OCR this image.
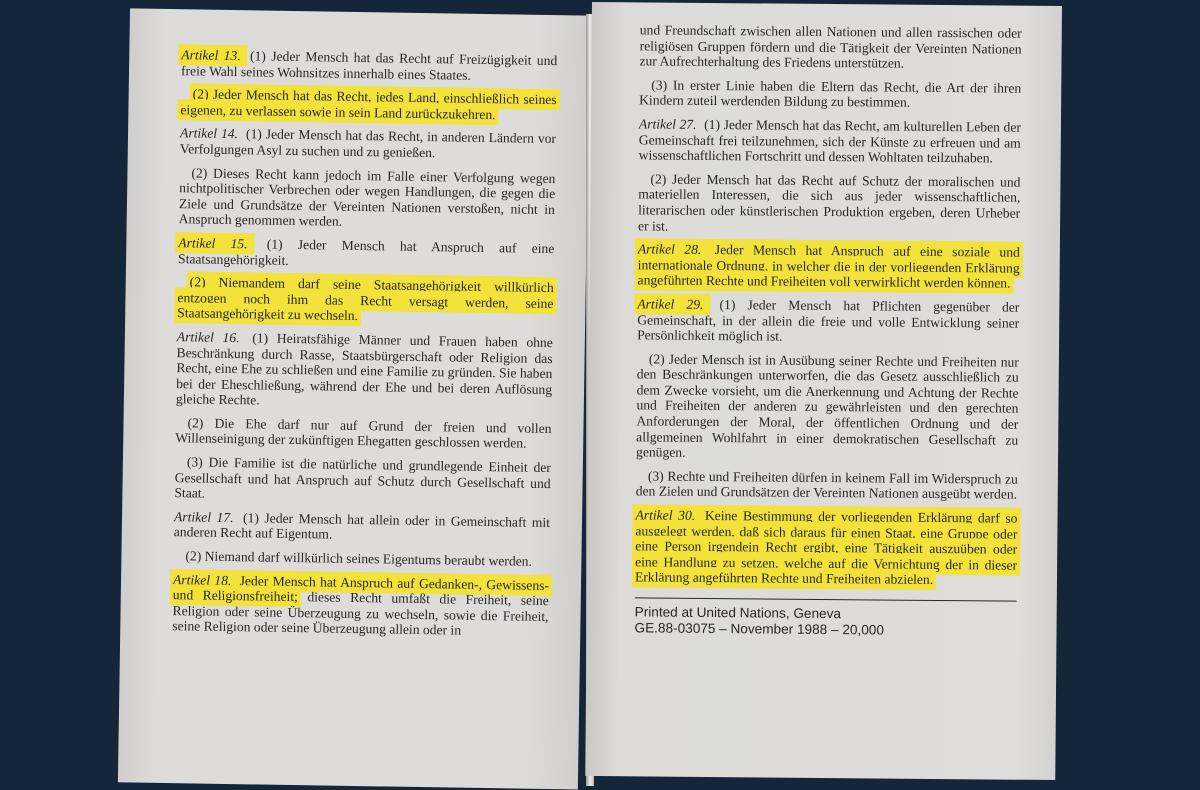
Artikel 13. (1) Jeder Mensch hat das Recht auf Freizügigkeit und freie Wahl seines Wohnsitzes innerhalb eines Staates.

(2) Jeder Mensch hat das Recht, jedes Land, einschließlich seines eigenen, zu verlassen sowie in sein Land zurückzukehren.

Artikel 14. (1) Jeder Mensch hat das Recht, in anderen Ländern vor Verfolgungen Asyl zu suchen und zu genießen.

(2) Dieses Recht kann jedoch im Falle einer Verfolgung wegen nichtpolitischer Verbrechen oder wegen Handlungen, die gegen die Ziele und Grundsätze der Vereinten Nationen verstoßen, nicht in Anspruch genommen werden.

Artikel 15. (1) Jeder Mensch hat Anspruch auf eine Staatsangehörigkeit.

(2) Niemandem darf seine Staatsangehörigkeit willkürlich entzogen noch ihm das Recht versagt werden, seine Staatsangehörigkeit zu wechseln.

Artikel 16. (1) Heiratsfähige Männer und Frauen haben ohne Beschränkung durch Rasse, Staatsbürgerschaft oder Religion das Recht, eine Ehe zu schließen und eine Familie zu gründen. Sie haben bei der Eheschließung, während der Ehe und bei deren Auflösung gleiche Rechte.

(2) Die Ehe darf nur auf Grund der freien und vollen Willenseinigung der zukünftigen Ehegatten geschlossen werden.

(3) Die Familie ist die natürliche und grundlegende Einheit der Gesellschaft und hat Anspruch auf Schutz durch Gesellschaft und Staat.

Artikel 17. (1) Jeder Mensch hat allein oder in Gemeinschaft mit anderen Recht auf Eigentum.

(2) Niemand darf willkürlich seines Eigentums beraubt werden.

Artikel 18. Jeder Mensch hat Anspruch auf Gedanken-, Gewissens- und Religionsfreiheit; dieses Recht umfaßt die Freiheit, seine Religion oder seine Überzeugung zu wechseln, sowie die Freiheit, seine Religion oder seine Überzeugung allein oder in

und Freundschaft zwischen allen Nationen und allen rassischen oder religiösen Gruppen fördern und die Tätigkeit der Vereinten Nationen zur Aufrechterhaltung des Friedens unterstützen.

(3) In erster Linie haben die Eltern das Recht, die Art der ihren Kindern zuteil werdenden Bildung zu bestimmen.

Artikel 27. (1) Jeder Mensch hat das Recht, am kulturellen Leben der Gemeinschaft frei teilzunehmen, sich der Künste zu erfreuen und am wissenschaftlichen Fortschritt und dessen Wohltaten teilzuhaben.

(2) Jeder Mensch hat das Recht auf Schutz der moralischen und materiellen Interessen, die sich aus jeder wissenschaftlichen, literarischen oder künstlerischen Produktion ergeben, deren Urheber er ist.

Artikel 28. Jeder Mensch hat Anspruch auf eine soziale und internationale Ordnung, in welcher die in der vorliegenden Erklärung angeführten Rechte und Freiheiten voll verwirklicht werden können.

Artikel 29. (1) Jeder Mensch hat Pflichten gegenüber der Gemeinschaft, in der allein die freie und volle Entwicklung seiner Persönlichkeit möglich ist.

(2) Jeder Mensch ist in Ausübung seiner Rechte und Freiheiten nur den Beschränkungen unterworfen, die das Gesetz ausschließlich zu dem Zwecke vorsieht, um die Anerkennung und Achtung der Rechte und Freiheiten der anderen zu gewährleisten und den gerechten Anforderungen der Moral, der öffentlichen Ordnung und der allgemeinen Wohlfahrt in einer demokratischen Gesellschaft zu genügen.

(3) Rechte und Freiheiten dürfen in keinem Fall im Widerspruch zu den Zielen und Grundsätzen der Vereinten Nationen ausgeübt werden.

Artikel 30. Keine Bestimmung der vorliegenden Erklärung darf so ausgelegt werden, daß sich daraus für einen Staat, eine Gruppe oder eine Person irgendein Recht ergibt, eine Tätigkeit auszuüben oder eine Handlung zu setzen, welche auf die Vernichtung der in dieser Erklärung angeführten Rechte und Freiheiten abzielen.

Printed at United Nations, Geneva
GE.88-03075 – November 1988 – 20,000
